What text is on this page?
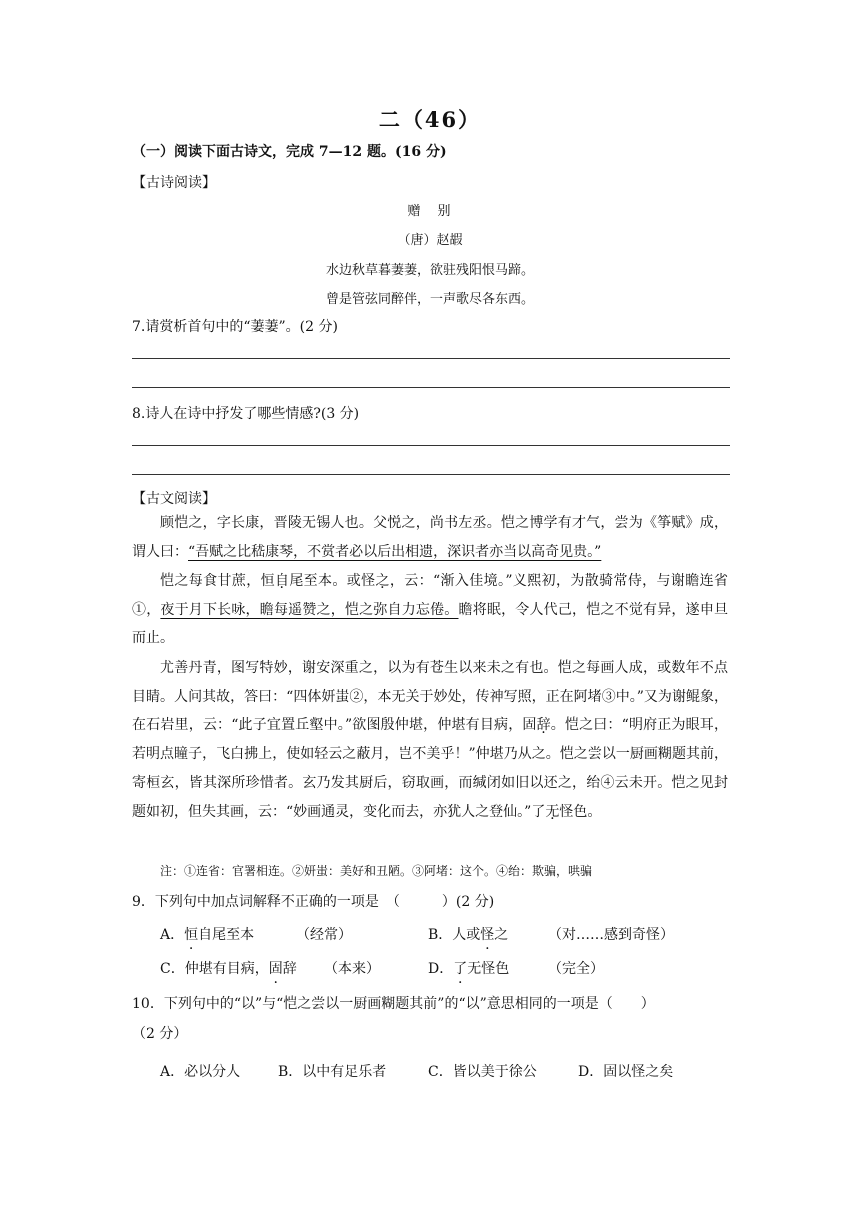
二（46）
（一）阅读下面古诗文，完成 7—12 题。(16 分)
【古诗阅读】
赠　别
（唐）赵嘏
水边秋草暮萋萋，欲驻残阳恨马蹄。
曾是管弦同醉伴，一声歌尽各东西。
7.请赏析首句中的“萋萋”。(2 分)
8.诗人在诗中抒发了哪些情感?(3 分)
【古文阅读】
顾恺之，字长康，晋陵无锡人也。父悦之，尚书左丞。恺之博学有才气，尝为《筝赋》成，谓人曰：“吾赋之比嵇康琴，不赏者必以后出相遗，深识者亦当以高奇见贵。”
恺之每食甘蔗，恒 .自尾至本。或怪 .之，云：“渐入佳境。”义熙初，为散骑常侍，与谢瞻连省①，夜于月下长咏，瞻每遥赞之，恺之弥自力忘倦。瞻将眠，令人代己，恺之不觉有异，遂申旦而止。
尤善丹青，图写特妙，谢安深重之，以为有苍生以来未之有也。恺之每画人成，或数年不点目睛。人问其故，答曰：“四体妍蚩②，本无关于妙处，传神写照，正在阿堵③中。”又为谢鲲象，在石岩里，云：“此子宜置丘壑中。”欲图殷仲堪，仲堪有目病，固 .辞。恺之曰：“明府正为眼耳，若明点瞳子，飞白拂上，使如轻云之蔽月，岂不美乎！”仲堪乃从之。恺之尝以一厨画糊题其前，寄桓玄，皆其深所珍惜者。玄乃发其厨后，窃取画，而缄闭如旧以还之，绐④云未开。恺之见封题如初，但失其画，云：“妙画通灵，变化而去，亦犹人之登仙。”了 .无怪色。
注：①连省：官署相连。②妍蚩：美好和丑陋。③阿堵：这个。④绐：欺骗，哄骗
9．下列句中加点词解释不正确的一项是　（　　　）(2 分)
A．恒自尾至本	（经常）	B．人或怪之	（对……感到奇怪）
C．仲堪有目病，固辞 （本来）	D．了无怪色	（完全）
10．下列句中的“以”与“恺之尝以一厨画糊题其前”的“以”意思相同的一项是（　　）
（2 分）
A．必以分人	B．以中有足乐者	C．皆以美于徐公	D．固以怪之矣
